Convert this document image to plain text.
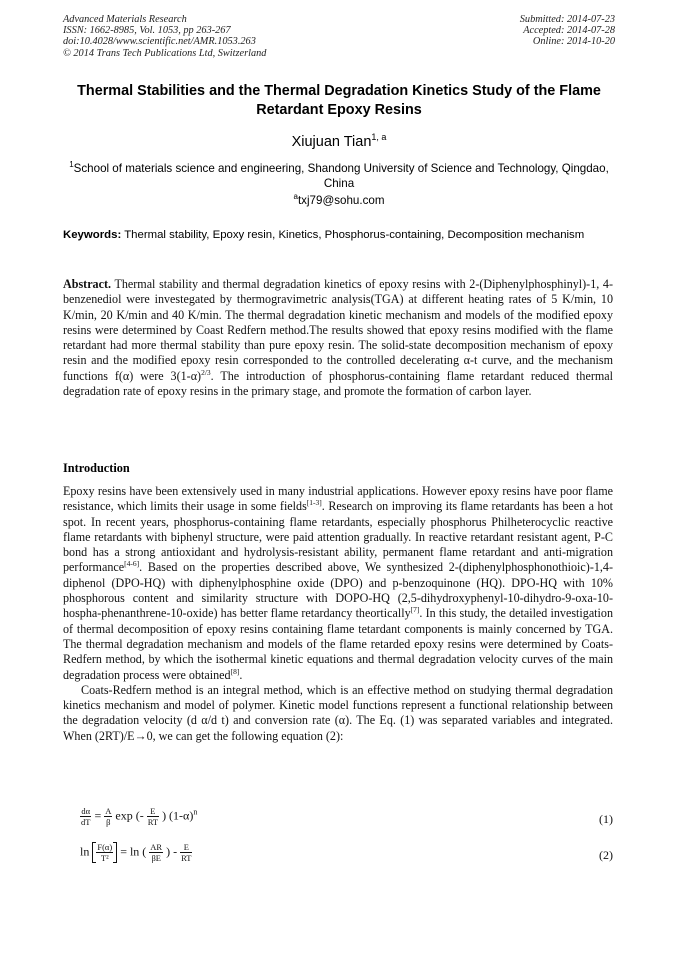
Advanced Materials Research
ISSN: 1662-8985, Vol. 1053, pp 263-267
doi:10.4028/www.scientific.net/AMR.1053.263
© 2014 Trans Tech Publications Ltd, Switzerland
Submitted: 2014-07-23
Accepted: 2014-07-28
Online: 2014-10-20
Thermal Stabilities and the Thermal Degradation Kinetics Study of the Flame Retardant Epoxy Resins
Xiujuan Tian$^{1, a}$
$^1$School of materials science and engineering, Shandong University of Science and Technology, Qingdao, China
$^a$txj79@sohu.com
Keywords: Thermal stability, Epoxy resin, Kinetics, Phosphorus-containing, Decomposition mechanism

Abstract. Thermal stability and thermal degradation kinetics of epoxy resins with 2-(Diphenylphosphinyl)-1, 4-benzenediol were investegated by thermogravimetric analysis(TGA) at different heating rates of 5 K/min, 10 K/min, 20 K/min and 40 K/min. The thermal degradation kinetic mechanism and models of the modified epoxy resins were determined by Coast Redfern method.The results showed that epoxy resins modified with the flame retardant had more thermal stability than pure epoxy resin. The solid-state decomposition mechanism of epoxy resin and the modified epoxy resin corresponded to the controlled decelerating α-t curve, and the mechanism functions f(α) were 3(1-α)$^{2/3}$. The introduction of phosphorus-containing flame retardant reduced thermal degradation rate of epoxy resins in the primary stage, and promote the formation of carbon layer.

Introduction

Epoxy resins have been extensively used in many industrial applications. However epoxy resins have poor flame resistance, which limits their usage in some fields[1-3]. Research on improving its flame retardants has been a hot spot. In recent years, phosphorus-containing flame retardants, especially phosphorus Philheterocyclic reactive flame retardants with biphenyl structure, were paid attention gradually. In reactive retardant resistant agent, P-C bond has a strong antioxidant and hydrolysis-resistant ability, permanent flame retardant and anti-migration performance[4-6]. Based on the properties described above, We synthesized 2-(diphenylphosphonothioic)-1,4-diphenol (DPO-HQ) with diphenylphosphine oxide (DPO) and p-benzoquinone (HQ). DPO-HQ with 10% phosphorous content and similarity structure with DOPO-HQ (2,5-dihydroxyphenyl-10-dihydro-9-oxa-10-hospha-phenanthrene-10-oxide) has better flame retardancy theortically[7]. In this study, the detailed investigation of thermal decomposition of epoxy resins containing flame tetardant components is mainly concerned by TGA. The thermal degradation mechanism and models of the flame retarded epoxy resins were determined by Coats-Redfern method, by which the isothermal kinetic equations and thermal degradation velocity curves of the main degradation process were obtained[8].

Coats-Redfern method is an integral method, which is an effective method on studying thermal degradation kinetics mechanism and model of polymer. Kinetic model functions represent a functional relationship between the degradation velocity (d α/d t) and conversion rate (α). The Eq. (1) was separated variables and integrated. When (2RT)/E→0, we can get the following equation (2):

$\frac{d\alpha}{dT} = \frac{A}{\beta}$ exp (- $\frac{E}{RT}$ ) $(1-\alpha)^n$
(1)
$\ln \frac{F(\alpha)}{\text{T²}} = \ln$ ( $\frac{AR}{\beta E}$ ) - $\frac{E}{RT}$	(2)
